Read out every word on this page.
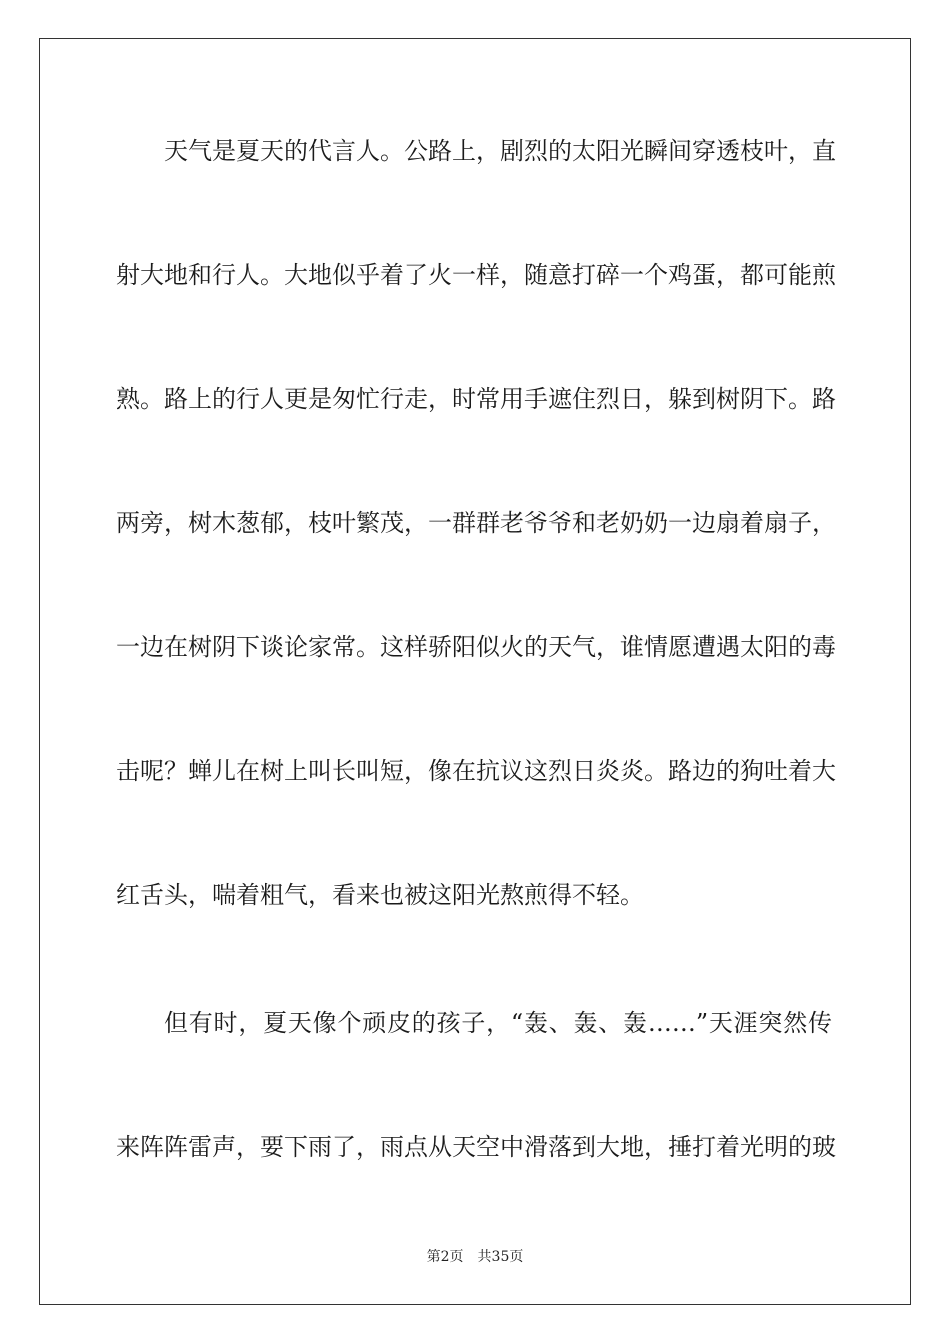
天气是夏天的代言人。公路上，剧烈的太阳光瞬间穿透枝叶，直
射大地和行人。大地似乎着了火一样，随意打碎一个鸡蛋，都可能煎
熟。路上的行人更是匆忙行走，时常用手遮住烈日，躲到树阴下。路
两旁，树木葱郁，枝叶繁茂，一群群老爷爷和老奶奶一边扇着扇子，
一边在树阴下谈论家常。这样骄阳似火的天气，谁情愿遭遇太阳的毒
击呢？蝉儿在树上叫长叫短，像在抗议这烈日炎炎。路边的狗吐着大
红舌头，喘着粗气，看来也被这阳光熬煎得不轻。
但有时，夏天像个顽皮的孩子，“轰、轰、轰……”天涯突然传
来阵阵雷声，要下雨了，雨点从天空中滑落到大地，捶打着光明的玻
第2页 共35页
